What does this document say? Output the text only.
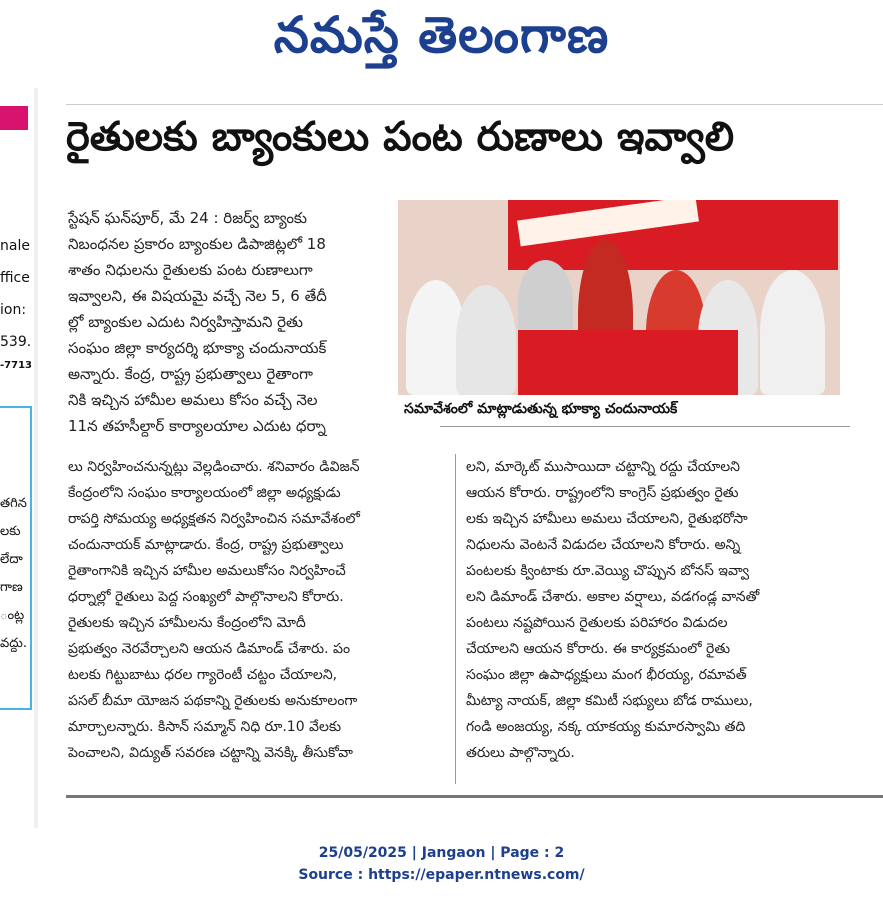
నమస్తే తెలంగాణ
nale
ffice
ion:
539.
-7713
తగిన
లకు
లేదా
గాణ
ంట్ల
వద్దు.
రైతులకు బ్యాంకులు పంట రుణాలు ఇవ్వాలి
సమావేశంలో మాట్లాడుతున్న భూక్యా చందునాయక్

స్టేషన్ ఘన్‌పూర్, మే 24 : రిజర్వ్ బ్యాంకు

నిబంధనల ప్రకారం బ్యాంకుల డిపాజిట్లలో 18

శాతం నిధులను రైతులకు పంట రుణాలుగా

ఇవ్వాలని, ఈ విషయమై వచ్చే నెల 5, 6 తేదీ

ల్లో బ్యాంకుల ఎదుట నిర్వహిస్తామని రైతు

సంఘం జిల్లా కార్యదర్శి భూక్యా చందునాయక్

అన్నారు. కేంద్ర, రాష్ట్ర ప్రభుత్వాలు రైతాంగా

నికి ఇచ్చిన హామీల అమలు కోసం వచ్చే నెల

11న తహసీల్దార్ కార్యాలయాల ఎదుట ధర్నా

లు నిర్వహించనున్నట్లు వెల్లడించారు. శనివారం డివిజన్

కేంద్రంలోని సంఘం కార్యాలయంలో జిల్లా అధ్యక్షుడు

రాపర్తి సోమయ్య అధ్యక్షతన నిర్వహించిన సమావేశంలో

చందునాయక్ మాట్లాడారు. కేంద్ర, రాష్ట్ర ప్రభుత్వాలు

రైతాంగానికి ఇచ్చిన హామీల అమలుకోసం నిర్వహించే

ధర్నాల్లో రైతులు పెద్ద సంఖ్యలో పాల్గొనాలని కోరారు.

రైతులకు ఇచ్చిన హామీలను కేంద్రంలోని మోదీ

ప్రభుత్వం నెరవేర్చాలని ఆయన డిమాండ్ చేశారు. పం

టలకు గిట్టుబాటు ధరల గ్యారెంటీ చట్టం చేయాలని,

పసల్ బీమా యోజన పథకాన్ని రైతులకు అనుకూలంగా

మార్చాలన్నారు. కిసాన్ సమ్మాన్ నిధి రూ.10 వేలకు

పెంచాలని, విద్యుత్ సవరణ చట్టాన్ని వెనక్కి తీసుకోవా

లని, మార్కెట్ ముసాయిదా చట్టాన్ని రద్దు చేయాలని

ఆయన కోరారు. రాష్ట్రంలోని కాంగ్రెస్ ప్రభుత్వం రైతు

లకు ఇచ్చిన హామీలు అమలు చేయాలని, రైతుభరోసా

నిధులను వెంటనే విడుదల చేయాలని కోరారు. అన్ని

పంటలకు క్వింటాకు రూ.వెయ్యి చొప్పున బోనస్ ఇవ్వా

లని డిమాండ్ చేశారు. అకాల వర్షాలు, వడగండ్ల వానతో

పంటలు నష్టపోయిన రైతులకు పరిహారం విడుదల

చేయాలని ఆయన కోరారు. ఈ కార్యక్రమంలో రైతు

సంఘం జిల్లా ఉపాధ్యక్షులు మంగ భీరయ్య, రమావత్

మీట్యా నాయక్, జిల్లా కమిటీ సభ్యులు బోడ రాములు,

గండి అంజయ్య, నక్క యాకయ్య కుమారస్వామి తది

తరులు పాల్గొన్నారు.

25/05/2025 | Jangaon | Page : 2
Source : https://epaper.ntnews.com/
